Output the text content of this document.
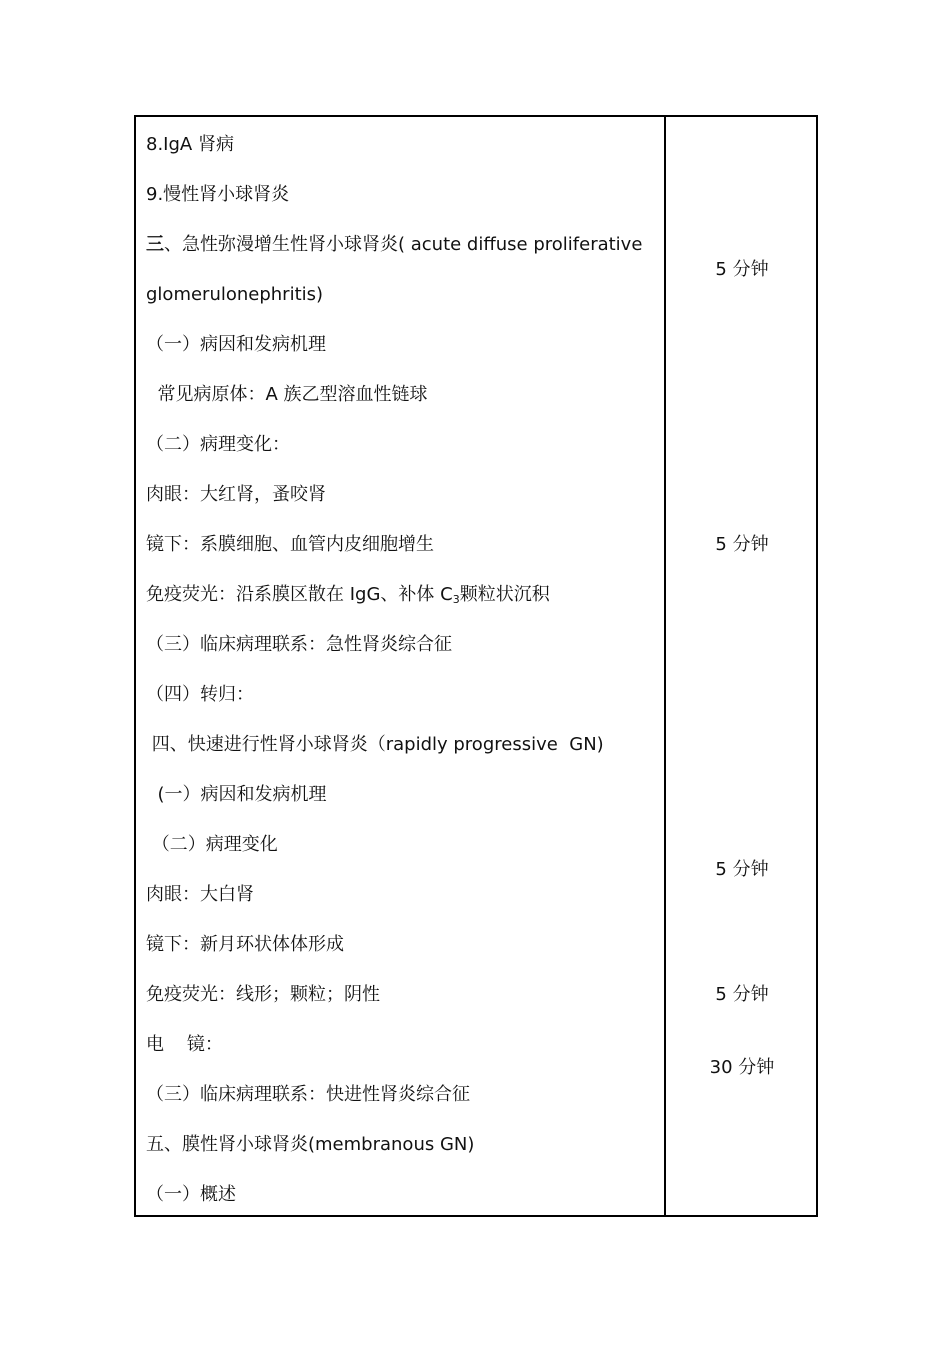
8.IgA 肾病
9.慢性肾小球肾炎
三、急性弥漫增生性肾小球肾炎( acute diffuse proliferative
glomerulonephritis)
（一）病因和发病机理
常见病原体：A 族乙型溶血性链球
（二）病理变化：
肉眼：大红肾，蚤咬肾
镜下：系膜细胞、血管内皮细胞增生
免疫荧光：沿系膜区散在 IgG、补体 $C_3$颗粒状沉积
（三）临床病理联系：急性肾炎综合征
（四）转归：
四、快速进行性肾小球肾炎（rapidly progressive  GN)
(一）病因和发病机理
（二）病理变化
肉眼：大白肾
镜下：新月环状体体形成
免疫荧光：线形；颗粒；阴性
电    镜：
（三）临床病理联系：快进性肾炎综合征
五、膜性肾小球肾炎(membranous GN)
（一）概述
5 分钟
5 分钟
5 分钟
5 分钟
30 分钟
